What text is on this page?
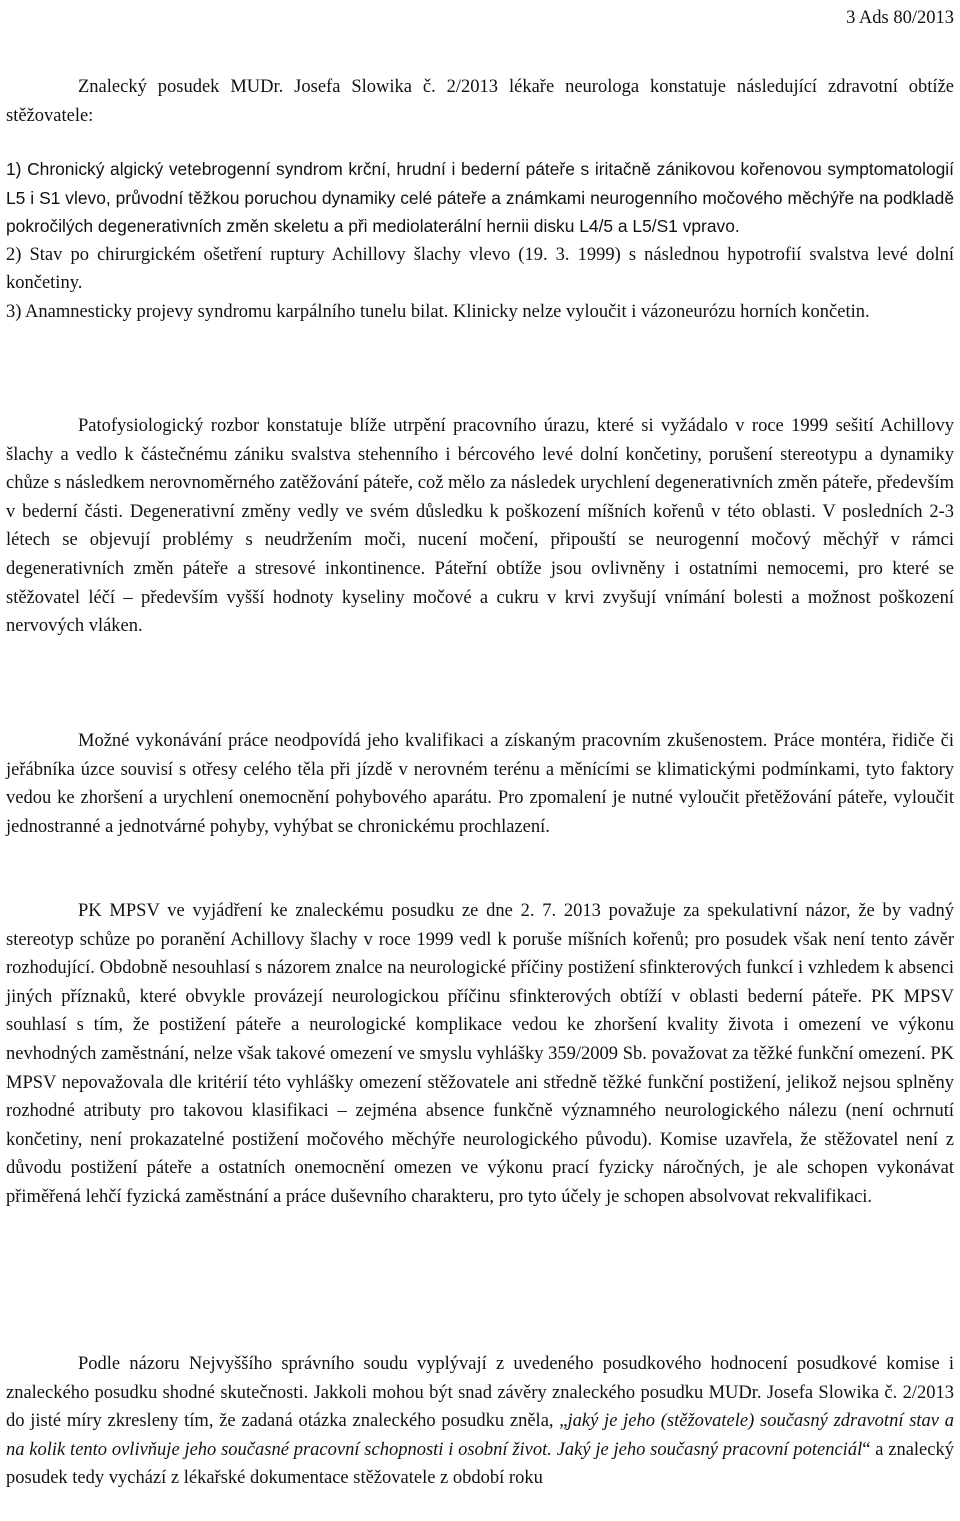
3 Ads 80/2013

Znalecký posudek MUDr. Josefa Slowika č. 2/2013 lékaře neurologa konstatuje následující zdravotní obtíže stěžovatele:

1) Chronický algický vetebrogenní syndrom krční, hrudní i bederní páteře s iritačně zánikovou kořenovou symptomatologií L5 i S1 vlevo, průvodní těžkou poruchou dynamiky celé páteře a známkami neurogenního močového měchýře na podkladě pokročilých degenerativních změn skeletu a při mediolaterální hernii disku L4/5 a L5/S1 vpravo.

2) Stav po chirurgickém ošetření ruptury Achillovy šlachy vlevo (19. 3. 1999) s následnou hypotrofií svalstva levé dolní končetiny.

3) Anamnesticky projevy syndromu karpálního tunelu bilat. Klinicky nelze vyloučit i vázoneurózu horních končetin.

Patofysiologický rozbor konstatuje blíže utrpění pracovního úrazu, které si vyžádalo v roce 1999 sešití Achillovy šlachy a vedlo k částečnému zániku svalstva stehenního i bércového levé dolní končetiny, porušení stereotypu a dynamiky chůze s následkem nerovnoměrného zatěžování páteře, což mělo za následek urychlení degenerativních změn páteře, především v bederní části. Degenerativní změny vedly ve svém důsledku k poškození míšních kořenů v této oblasti. V posledních 2-3 létech se objevují problémy s neudržením moči, nucení močení, připouští se neurogenní močový měchýř v rámci degenerativních změn páteře a stresové inkontinence. Páteřní obtíže jsou ovlivněny i ostatními nemocemi, pro které se stěžovatel léčí – především vyšší hodnoty kyseliny močové a cukru v krvi zvyšují vnímání bolesti a možnost poškození nervových vláken.

Možné vykonávání práce neodpovídá jeho kvalifikaci a získaným pracovním zkušenostem. Práce montéra, řidiče či jeřábníka úzce souvisí s otřesy celého těla při jízdě v nerovném terénu a měnícími se klimatickými podmínkami, tyto faktory vedou ke zhoršení a urychlení onemocnění pohybového aparátu. Pro zpomalení je nutné vyloučit přetěžování páteře, vyloučit jednostranné a jednotvárné pohyby, vyhýbat se chronickému prochlazení.

PK MPSV ve vyjádření ke znaleckému posudku ze dne 2. 7. 2013 považuje za spekulativní názor, že by vadný stereotyp schůze po poranění Achillovy šlachy v roce 1999 vedl k poruše míšních kořenů; pro posudek však není tento závěr rozhodující. Obdobně nesouhlasí s názorem znalce na neurologické příčiny postižení sfinkterových funkcí i vzhledem k absenci jiných příznaků, které obvykle provázejí neurologickou příčinu sfinkterových obtíží v oblasti bederní páteře. PK MPSV souhlasí s tím, že postižení páteře a neurologické komplikace vedou ke zhoršení kvality života i omezení ve výkonu nevhodných zaměstnání, nelze však takové omezení ve smyslu vyhlášky 359/2009 Sb. považovat za těžké funkční omezení. PK MPSV nepovažovala dle kritérií této vyhlášky omezení stěžovatele ani středně těžké funkční postižení, jelikož nejsou splněny rozhodné atributy pro takovou klasifikaci – zejména absence funkčně významného neurologického nálezu (není ochrnutí končetiny, není prokazatelné postižení močového měchýře neurologického původu). Komise uzavřela, že stěžovatel není z důvodu postižení páteře a ostatních onemocnění omezen ve výkonu prací fyzicky náročných, je ale schopen vykonávat přiměřená lehčí fyzická zaměstnání a práce duševního charakteru, pro tyto účely je schopen absolvovat rekvalifikaci.

Podle názoru Nejvyššího správního soudu vyplývají z uvedeného posudkového hodnocení posudkové komise i znaleckého posudku shodné skutečnosti. Jakkoli mohou být snad závěry znaleckého posudku MUDr. Josefa Slowika č. 2/2013 do jisté míry zkresleny tím, že zadaná otázka znaleckého posudku zněla, „jaký je jeho (stěžovatele) současný zdravotní stav a na kolik tento ovlivňuje jeho současné pracovní schopnosti i osobní život. Jaký je jeho současný pracovní potenciál“ a znalecký posudek tedy vychází z lékařské dokumentace stěžovatele z období roku
